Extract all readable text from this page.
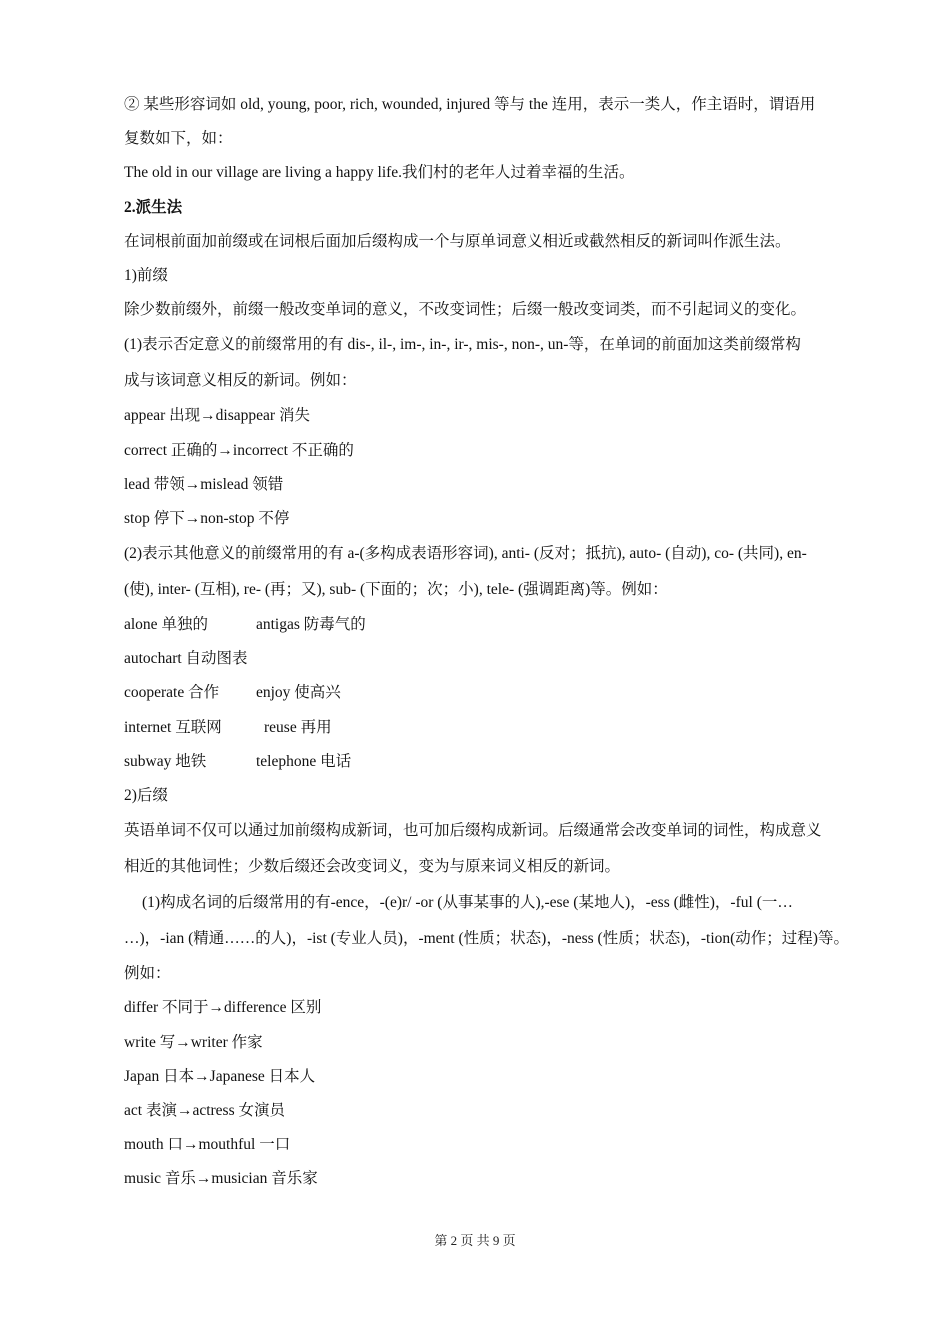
② 某些形容词如 old, young, poor, rich, wounded, injured 等与 the 连用，表示一类人，作主语时，谓语用
复数如下，如：
The old in our village are living a happy life.我们村的老年人过着幸福的生活。
2.派生法
在词根前面加前缀或在词根后面加后缀构成一个与原单词意义相近或截然相反的新词叫作派生法。
1)前缀
除少数前缀外，前缀一般改变单词的意义，不改变词性；后缀一般改变词类，而不引起词义的变化。
(1)表示否定意义的前缀常用的有 dis-, il-, im-, in-, ir-, mis-, non-, un-等，在单词的前面加这类前缀常构
成与该词意义相反的新词。例如：
appear 出现→disappear 消失
correct 正确的→incorrect 不正确的
lead 带领→mislead 领错
stop 停下→non-stop 不停
(2)表示其他意义的前缀常用的有 a-(多构成表语形容词), anti- (反对；抵抗), auto- (自动), co- (共同), en-
(使), inter- (互相), re- (再；又), sub- (下面的；次；小), tele- (强调距离)等。例如：
alone 单独的	antigas 防毒气的
autochart 自动图表
cooperate 合作 enjoy 使高兴
internet 互联网	reuse 再用
subway 地铁	telephone 电话
2)后缀
英语单词不仅可以通过加前缀构成新词，也可加后缀构成新词。后缀通常会改变单词的词性，构成意义
相近的其他词性；少数后缀还会改变词义，变为与原来词义相反的新词。
(1)构成名词的后缀常用的有-ence，-(e)r/ -or (从事某事的人),-ese (某地人)，-ess (雌性)，-ful (一…
…)，-ian (精通……的人)，-ist (专业人员)，-ment (性质；状态)，-ness (性质；状态)，-tion(动作；过程)等。
例如：
differ 不同于→difference 区别
write 写→writer 作家
Japan 日本→Japanese 日本人
act 表演→actress 女演员
mouth 口→mouthful 一口
music 音乐→musician 音乐家
第 2 页 共 9 页
